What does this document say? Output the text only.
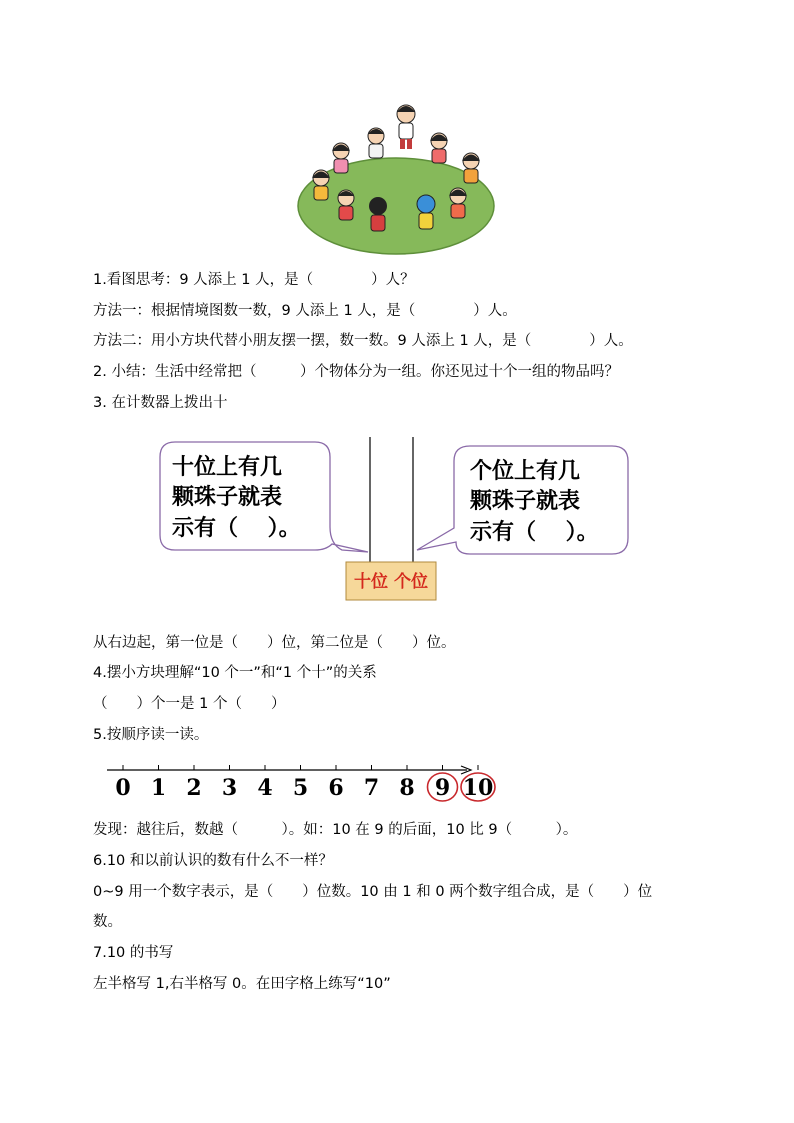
1.看图思考：9 人添上 1 人，是（　　　　）人？
方法一：根据情境图数一数，9 人添上 1 人，是（　　　　）人。
方法二：用小方块代替小朋友摆一摆，数一数。9 人添上 1 人，是（　　　　）人。
2. 小结：生活中经常把（　　　）个物体分为一组。你还见过十个一组的物品吗？
3. 在计数器上拨出十
十位上有几
颗珠子就表
示有（　 ）。
个位上有几
颗珠子就表
示有（　 ）。
十位 个位
从右边起，第一位是（　　）位，第二位是（　　）位。
4.摆小方块理解“10 个一”和“1 个十”的关系
（　　）个一是 1 个（　　）
5.按顺序读一读。
0 1 2 3 4 5 6 7 8 9 10
发现：越往后，数越（　　　）。如：10 在 9 的后面，10 比 9（　　　）。
6.10 和以前认识的数有什么不一样？
0~9 用一个数字表示，是（　　）位数。10 由 1 和 0 两个数字组合成，是（　　）位
数。
7.10 的书写
左半格写 1,右半格写 0。在田字格上练写“10”
